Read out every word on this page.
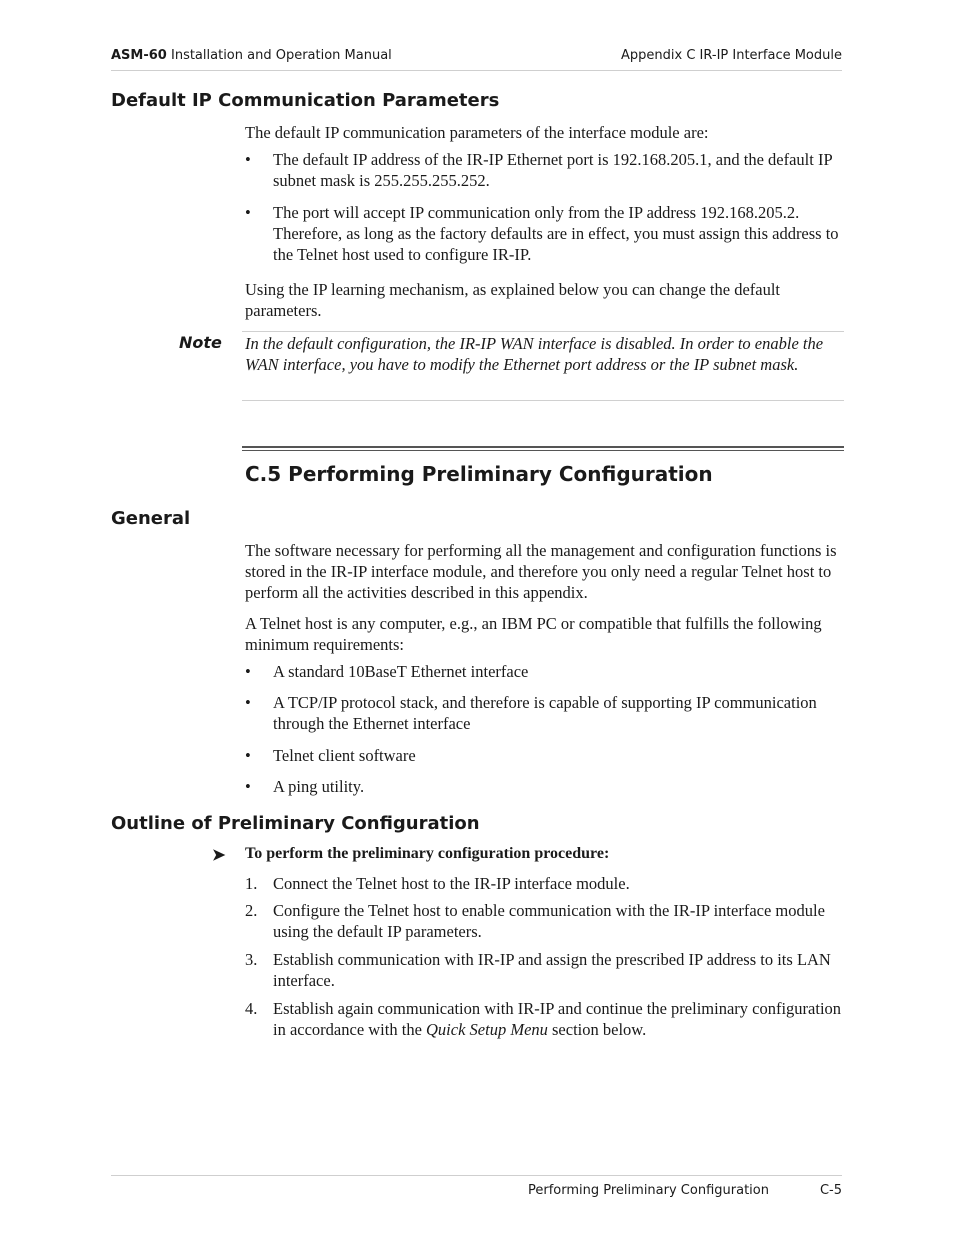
ASM-60 Installation and Operation Manual	Appendix C IR-IP Interface Module
Default IP Communication Parameters

The default IP communication parameters of the interface module are:

• The default IP address of the IR-IP Ethernet port is 192.168.205.1, and the default IP subnet mask is 255.255.255.252.
• The port will accept IP communication only from the IP address 192.168.205.2. Therefore, as long as the factory defaults are in effect, you must assign this address to the Telnet host used to configure IR-IP.

Using the IP learning mechanism, as explained below you can change the default parameters.

Note In the default configuration, the IR-IP WAN interface is disabled. In order to enable the WAN interface, you have to modify the Ethernet port address or the IP subnet mask.

C.5 Performing Preliminary Configuration
General

The software necessary for performing all the management and configuration functions is stored in the IR-IP interface module, and therefore you only need a regular Telnet host to perform all the activities described in this appendix.

A Telnet host is any computer, e.g., an IBM PC or compatible that fulfills the following minimum requirements:

• A standard 10BaseT Ethernet interface
• A TCP/IP protocol stack, and therefore is capable of supporting IP communication through the Ethernet interface
• Telnet client software
• A ping utility.
Outline of Preliminary Configuration
➤ To perform the preliminary configuration procedure:
1. Connect the Telnet host to the IR-IP interface module.
2. Configure the Telnet host to enable communication with the IR-IP interface module using the default IP parameters.
3. Establish communication with IR-IP and assign the prescribed IP address to its LAN interface.
4. Establish again communication with IR-IP and continue the preliminary configuration in accordance with the Quick Setup Menu section below.
Performing Preliminary Configuration	C-5
